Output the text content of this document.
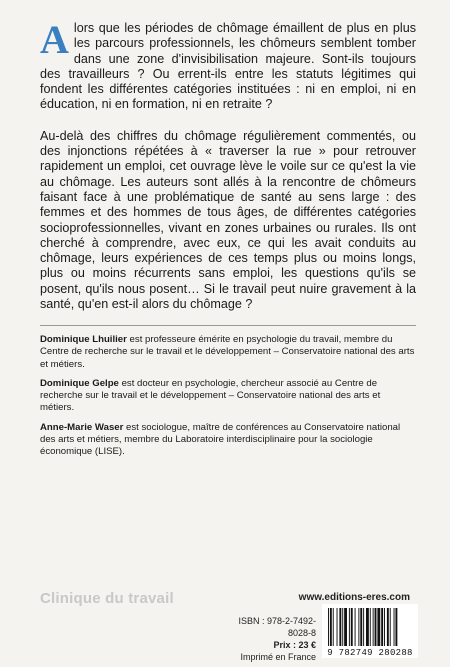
Alors que les périodes de chômage émaillent de plus en plus les parcours professionnels, les chômeurs semblent tomber dans une zone d'invisibilisation majeure. Sont-ils toujours des travailleurs ? Ou errent-ils entre les statuts légitimes qui fondent les différentes catégories instituées : ni en emploi, ni en éducation, ni en formation, ni en retraite ?

Au-delà des chiffres du chômage régulièrement commentés, ou des injonctions répétées à « traverser la rue » pour retrouver rapidement un emploi, cet ouvrage lève le voile sur ce qu'est la vie au chômage. Les auteurs sont allés à la rencontre de chômeurs faisant face à une problématique de santé au sens large : des femmes et des hommes de tous âges, de différentes catégories socioprofessionnelles, vivant en zones urbaines ou rurales. Ils ont cherché à comprendre, avec eux, ce qui les avait conduits au chômage, leurs expériences de ces temps plus ou moins longs, plus ou moins récurrents sans emploi, les questions qu'ils se posent, qu'ils nous posent… Si le travail peut nuire gravement à la santé, qu'en est-il alors du chômage ?

Dominique Lhuilier est professeure émérite en psychologie du travail, membre du Centre de recherche sur le travail et le développement – Conservatoire national des arts et métiers.

Dominique Gelpe est docteur en psychologie, chercheur associé au Centre de recherche sur le travail et le développement – Conservatoire national des arts et métiers.

Anne-Marie Waser est sociologue, maître de conférences au Conservatoire national des arts et métiers, membre du Laboratoire interdisciplinaire pour la sociologie économique (LISE).

Clinique du travail	www.editions-eres.com
ISBN : 978-2-7492-8028-8
Prix : 23 €
Imprimé en France	9 782749 280288
